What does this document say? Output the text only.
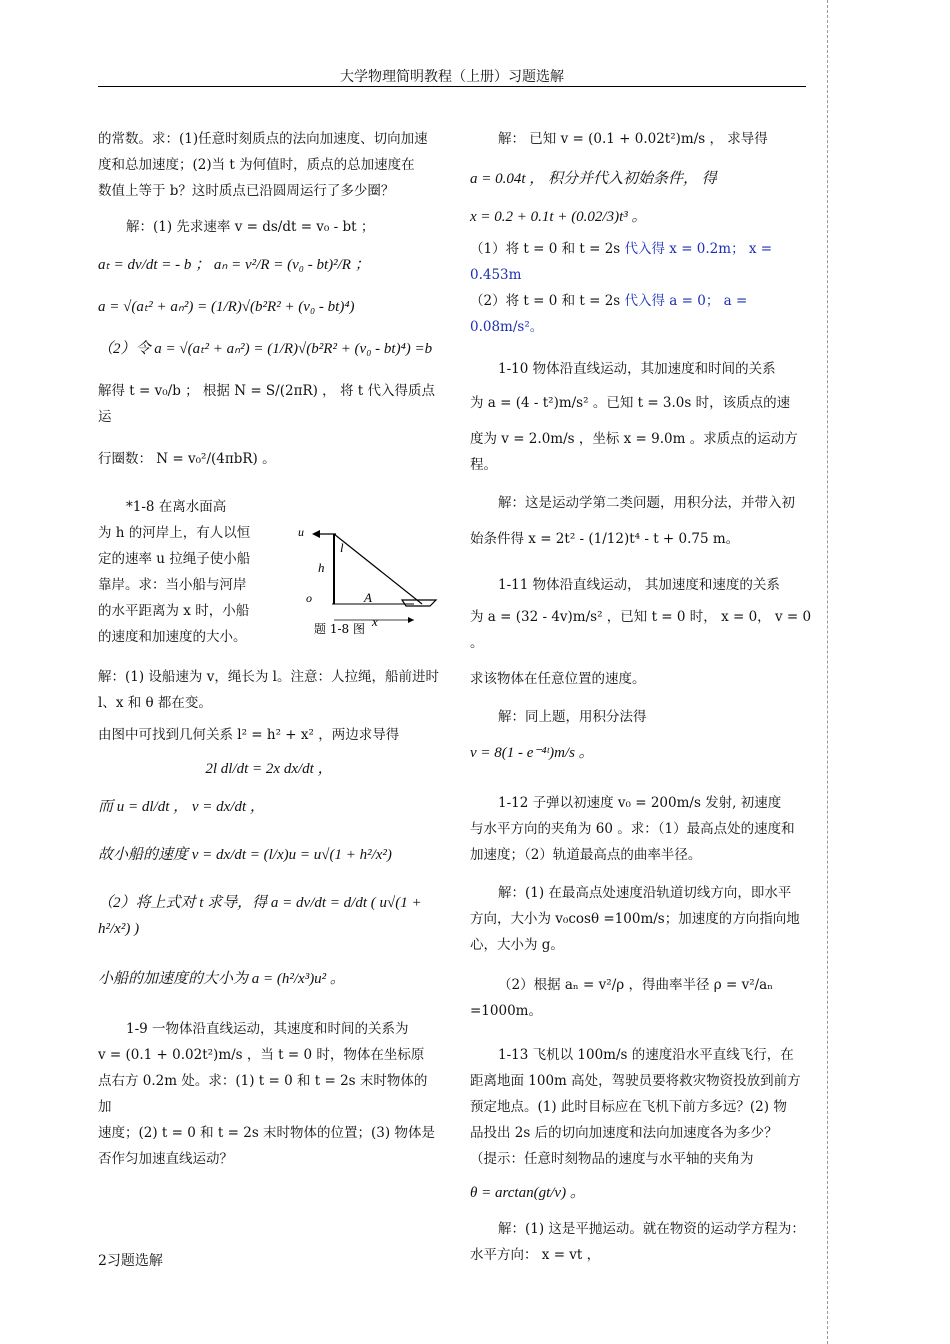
大学物理简明教程（上册）习题选解

的常数。求：(1)任意时刻质点的法向加速度、切向加速

度和总加速度；(2)当 t 为何值时，质点的总加速度在

数值上等于 b？这时质点已沿圆周运行了多少圈？

解：(1) 先求速率 v = ds/dt = v₀ - bt ；

aₜ = dv/dt = - b ； aₙ = v²/R = (v₀ - bt)²/R ；

a = √(aₜ² + aₙ²) = (1/R)√(b²R² + (v₀ - bt)⁴)

（2）令 a = √(aₜ² + aₙ²) = (1/R)√(b²R² + (v₀ - bt)⁴) =b

解得 t = v₀/b ； 根据 N = S/(2πR) ， 将 t 代入得质点运

行圈数： N = v₀²/(4πbR) 。

*1-8 在离水面高

为 h 的河岸上，有人以恒

定的速率 u 拉绳子使小船

靠岸。求：当小船与河岸

的水平距离为 x 时，小船

的速度和加速度的大小。

解：(1) 设船速为 v，绳长为 l。注意：人拉绳，船前进时

l、x 和 θ 都在变。

由图中可找到几何关系 l² = h² + x² ，两边求导得

2l dl/dt = 2x dx/dt ，

而 u = dl/dt ， v = dx/dt ，

故小船的速度 v = dx/dt = (l/x)u = u√(1 + h²/x²)

（2）将上式对 t 求导，得 a = dv/dt = d/dt ( u√(1 + h²/x²) )

小船的加速度的大小为 a = (h²/x³)u² 。

1-9 一物体沿直线运动，其速度和时间的关系为

v = (0.1 + 0.02t²)m/s ，当 t = 0 时，物体在坐标原

点右方 0.2m 处。求：(1) t = 0 和 t = 2s 末时物体的加

速度；(2) t = 0 和 t = 2s 末时物体的位置；(3) 物体是

否作匀加速直线运动？

u
l
h
o	A
x
题 1-8 图

解： 已知 v = (0.1 + 0.02t²)m/s ， 求导得

a = 0.04t ， 积分并代入初始条件， 得

x = 0.2 + 0.1t + (0.02/3)t³ 。

（1）将 t = 0 和 t = 2s 代入得 x = 0.2m； x = 0.453m

（2）将 t = 0 和 t = 2s 代入得 a = 0； a = 0.08m/s²。

1-10 物体沿直线运动，其加速度和时间的关系

为 a = (4 - t²)m/s² 。已知 t = 3.0s 时，该质点的速

度为 v = 2.0m/s ，坐标 x = 9.0m 。求质点的运动方

程。

解：这是运动学第二类问题，用积分法，并带入初

始条件得 x = 2t² - (1/12)t⁴ - t + 0.75 m。

1-11 物体沿直线运动， 其加速度和速度的关系

为 a = (32 - 4v)m/s² ，已知 t = 0 时， x = 0， v = 0 。

求该物体在任意位置的速度。

解：同上题，用积分法得

v = 8(1 - e⁻⁴ᵗ)m/s 。

1-12 子弹以初速度 v₀ = 200m/s 发射, 初速度

与水平方向的夹角为 60 。求：（1）最高点处的速度和

加速度；（2）轨道最高点的曲率半径。

解：(1) 在最高点处速度沿轨道切线方向，即水平

方向，大小为 v₀cosθ =100m/s；加速度的方向指向地

心，大小为 g。

（2）根据 aₙ = v²/ρ ，得曲率半径 ρ = v²/aₙ =1000m。

1-13 飞机以 100m/s 的速度沿水平直线飞行，在

距离地面 100m 高处，驾驶员要将救灾物资投放到前方

预定地点。(1) 此时目标应在飞机下前方多远？(2) 物

品投出 2s 后的切向加速度和法向加速度各为多少？

（提示：任意时刻物品的速度与水平轴的夹角为

θ = arctan(gt/v) 。

解：(1) 这是平抛运动。就在物资的运动学方程为：

水平方向： x = vt ，

2习题选解
